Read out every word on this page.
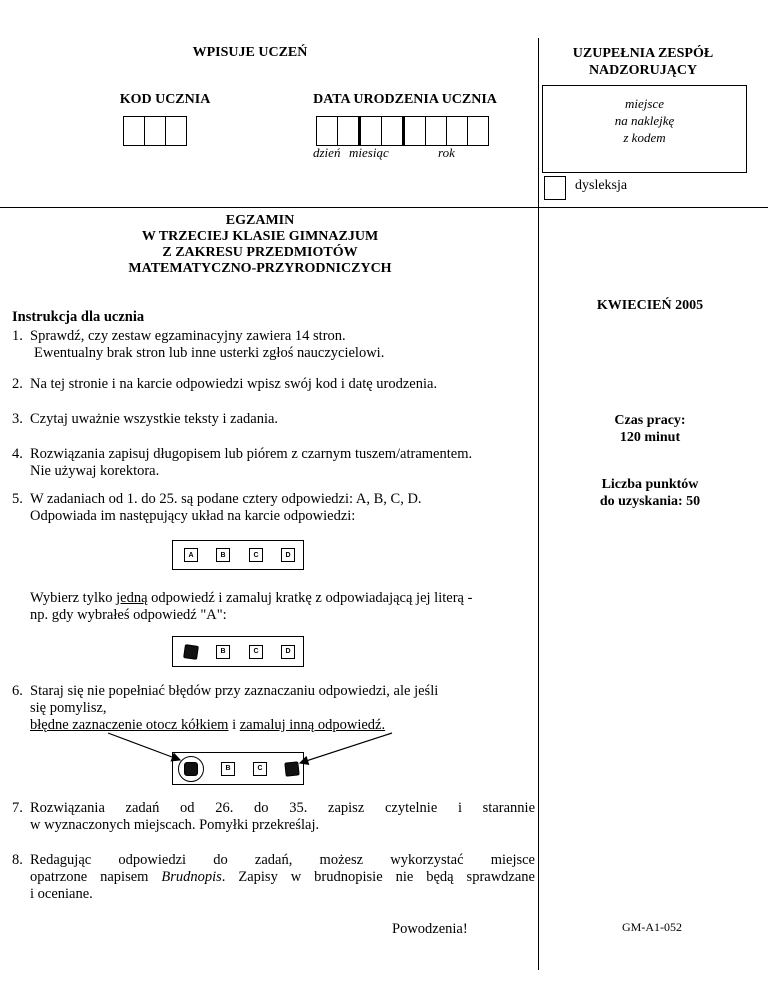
WPISUJE UCZEŃ
KOD UCZNIA	DATA URODZENIA UCZNIA
dzień miesiąc	rok
UZUPEŁNIA ZESPÓŁ
NADZORUJĄCY
miejsce
na naklejkę
z kodem
dysleksja
EGZAMIN
W TRZECIEJ KLASIE GIMNAZJUM
Z ZAKRESU PRZEDMIOTÓW
MATEMATYCZNO-PRZYRODNICZYCH
KWIECIEŃ 2005
Czas pracy:
120 minut
Liczba punktów
do uzyskania: 50
GM-A1-052
Instrukcja dla ucznia
1. Sprawdź, czy zestaw egzaminacyjny zawiera 14 stron.
Ewentualny brak stron lub inne usterki zgłoś nauczycielowi.
2. Na tej stronie i na karcie odpowiedzi wpisz swój kod i datę urodzenia.
3. Czytaj uważnie wszystkie teksty i zadania.
4. Rozwiązania zapisuj długopisem lub piórem z czarnym tuszem/atramentem.
Nie używaj korektora.
5. W zadaniach od 1. do 25. są podane cztery odpowiedzi: A, B, C, D.
Odpowiada im następujący układ na karcie odpowiedzi:
A	B	C	D
Wybierz tylko jedną odpowiedź i zamaluj kratkę z odpowiadającą jej literą -
np. gdy wybrałeś odpowiedź "A":
B	C	D
6. Staraj się nie popełniać błędów przy zaznaczaniu odpowiedzi, ale jeśli
się pomylisz,
błędne zaznaczenie otocz kółkiem i zamaluj inną odpowiedź.
B	C
7. Rozwiązania zadań od 26. do 35. zapisz czytelnie i starannie
w wyznaczonych miejscach. Pomyłki przekreślaj.
8. Redagując odpowiedzi do zadań, możesz wykorzystać miejsce
opatrzone napisem Brudnopis. Zapisy w brudnopisie nie będą sprawdzane
i oceniane.
Powodzenia!
